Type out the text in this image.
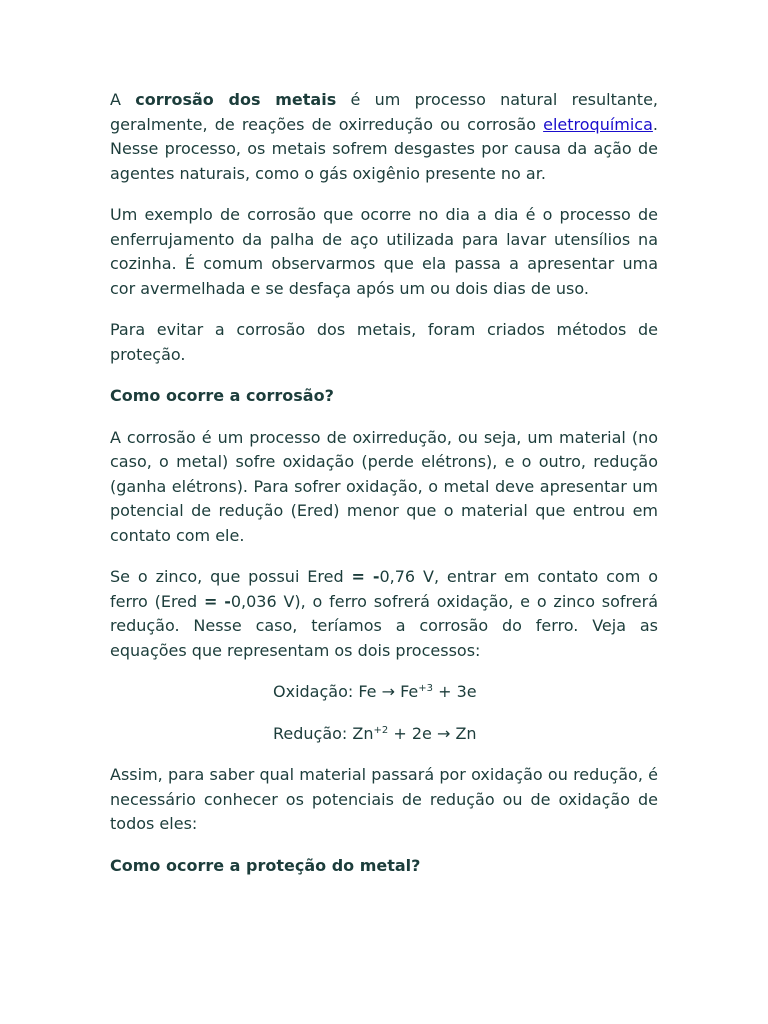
A corrosão dos metais é um processo natural resultante, geralmente, de reações de oxirredução ou corrosão eletroquímica. Nesse processo, os metais sofrem desgastes por causa da ação de agentes naturais, como o gás oxigênio presente no ar.

Um exemplo de corrosão que ocorre no dia a dia é o processo de enferrujamento da palha de aço utilizada para lavar utensílios na cozinha. É comum observarmos que ela passa a apresentar uma cor avermelhada e se desfaça após um ou dois dias de uso.

Para evitar a corrosão dos metais, foram criados métodos de proteção.

Como ocorre a corrosão?

A corrosão é um processo de oxirredução, ou seja, um material (no caso, o metal) sofre oxidação (perde elétrons), e o outro, redução (ganha elétrons). Para sofrer oxidação, o metal deve apresentar um potencial de redução (Ered) menor que o material que entrou em contato com ele.

Se o zinco, que possui Ered = -0,76 V, entrar em contato com o ferro (Ered = -0,036 V), o ferro sofrerá oxidação, e o zinco sofrerá redução. Nesse caso, teríamos a corrosão do ferro. Veja as equações que representam os dois processos:

Oxidação: $Fe \to Fe^{+3} + 3e$

Redução: $Zn^{+2} + 2e \to Zn$

Assim, para saber qual material passará por oxidação ou redução, é necessário conhecer os potenciais de redução ou de oxidação de todos eles:

Como ocorre a proteção do metal?
